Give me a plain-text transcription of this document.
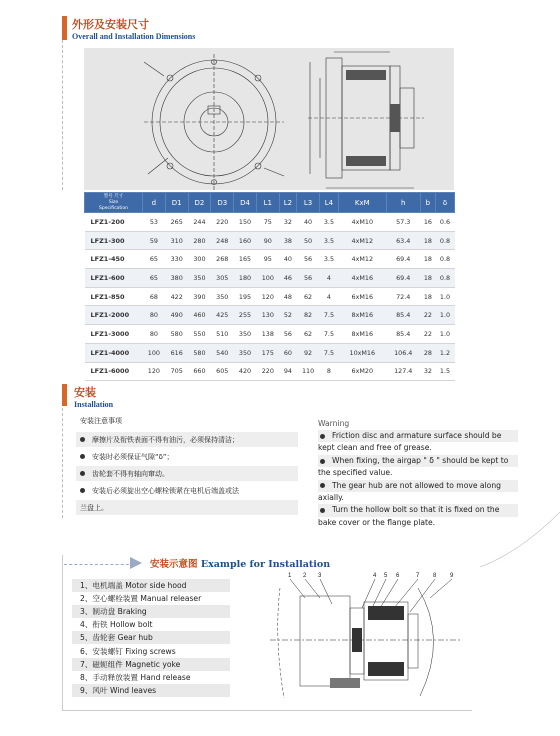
外形及安装尺寸
Overall and Installation Dimensions
型号 尺寸
Size
Specification	d	D1	D2	D3	D4	L1	L2	L3	L4	KxM	h	b	δ
LFZ1-200	53	265	244	220	150	75	32	40	3.5	4xM10	57.3	16	0.6
LFZ1-300	59	310	280	248	160	90	38	50	3.5	4xM12	63.4	18	0.8
LFZ1-450	65	330	300	268	165	95	40	56	3.5	4xM12	69.4	18	0.8
LFZ1-600	65	380	350	305	180	100	46	56	4	4xM16	69.4	18	0.8
LFZ1-850	68	422	390	350	195	120	48	62	4	6xM16	72.4	18	1.0
LFZ1-2000	80	490	460	425	255	130	52	82	7.5	8xM16	85.4	22	1.0
LFZ1-3000	80	580	550	510	350	138	56	62	7.5	8xM16	85.4	22	1.0
LFZ1-4000	100	616	580	540	350	175	60	92	7.5	10xM16	106.4	28	1.2
LFZ1-6000	120	705	660	605	420	220	94	110	8	6xM20	127.4	32	1.5
安装
Installation
安装注意事项
摩擦片及衔铁表面不得有油污，必须保持清洁；
安装时必须保证气隙“δ”；
齿轮套不得有轴向窜动。
安装后必须旋出空心螺栓锁紧在电机后端盖或法
兰盘上。
Warning
Friction disc and armature surface should be
kept clean and free of grease.
When fixing, the airgap " δ " should be kept to
the specified value.
The gear hub are not allowed to move along
axially.
Turn the hollow bolt so that it is fixed on the
bake cover or the flange plate.
安装示意图 Example for Installation
1、电机端盖 Motor side hood
2、空心螺栓装置 Manual releaser
3、制动盘 Braking
4、衔铁 Hollow bolt
5、齿轮套 Gear hub
6、安装螺钉 Fixing screws
7、磁轭组件 Magnetic yoke
8、手动释放装置 Hand release
9、风叶 Wind leaves
1 2 3	4 5 6	7 8 9
